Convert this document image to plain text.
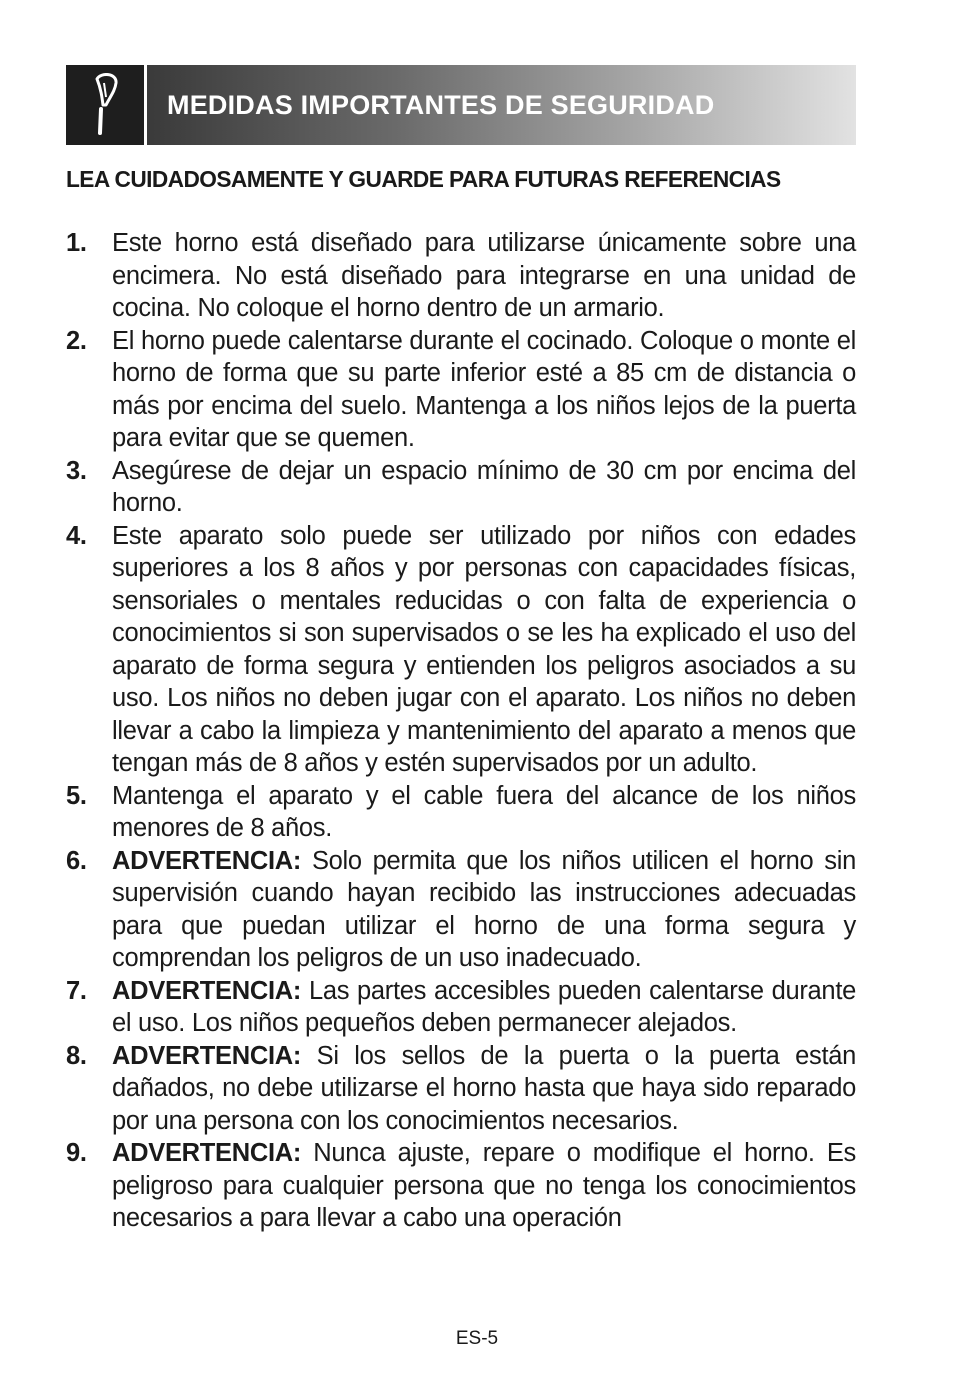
MEDIDAS IMPORTANTES DE SEGURIDAD
LEA CUIDADOSAMENTE Y GUARDE PARA FUTURAS REFERENCIAS
1. Este horno está diseñado para utilizarse únicamente sobre una encimera. No está diseñado para integrarse en una unidad de cocina. No coloque el horno dentro de un armario.
2. El horno puede calentarse durante el cocinado. Coloque o monte el horno de forma que su parte inferior esté a 85 cm de distancia o más por encima del suelo. Mantenga a los niños lejos de la puerta para evitar que se quemen.
3. Asegúrese de dejar un espacio mínimo de 30 cm por encima del horno.
4. Este aparato solo puede ser utilizado por niños con edades superiores a los 8 años y por personas con capacidades físicas, sensoriales o mentales reducidas o con falta de experiencia o conocimientos si son supervisados o se les ha explicado el uso del aparato de forma segura y entienden los peligros asociados a su uso. Los niños no deben jugar con el aparato. Los niños no deben llevar a cabo la limpieza y mantenimiento del aparato a menos que tengan más de 8 años y estén supervisados por un adulto.
5. Mantenga el aparato y el cable fuera del alcance de los niños menores de 8 años.
6. ADVERTENCIA: Solo permita que los niños utilicen el horno sin supervisión cuando hayan recibido las instrucciones adecuadas para que puedan utilizar el horno de una forma segura y comprendan los peligros de un uso inadecuado.
7. ADVERTENCIA: Las partes accesibles pueden calentarse durante el uso. Los niños pequeños deben permanecer alejados.
8. ADVERTENCIA: Si los sellos de la puerta o la puerta están dañados, no debe utilizarse el horno hasta que haya sido reparado por una persona con los conocimientos necesarios.
9. ADVERTENCIA: Nunca ajuste, repare o modifique el horno. Es peligroso para cualquier persona que no tenga los conocimientos necesarios a para llevar a cabo una operación
ES-5
